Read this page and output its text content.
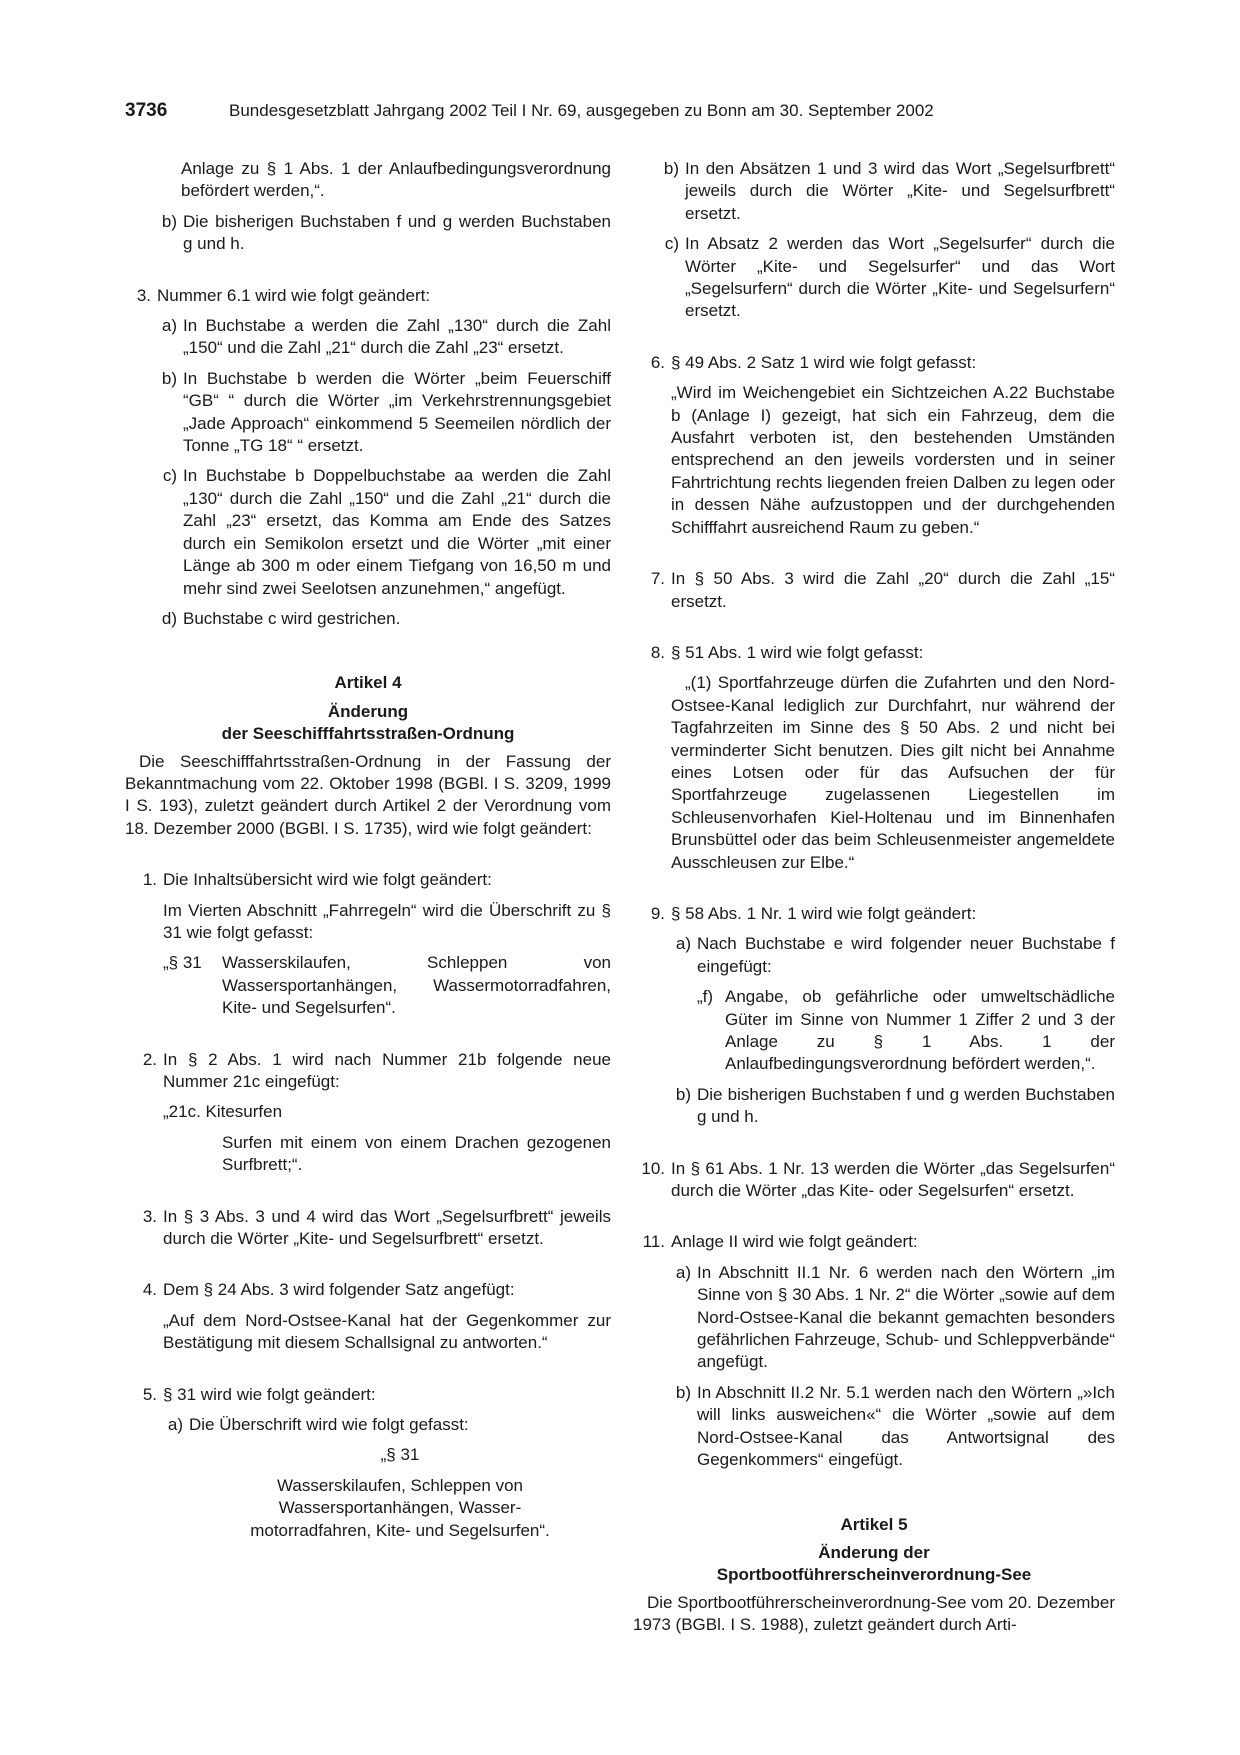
3736	Bundesgesetzblatt Jahrgang 2002 Teil I Nr. 69, ausgegeben zu Bonn am 30. September 2002

Anlage zu § 1 Abs. 1 der Anlaufbedingungsverordnung befördert werden,“.

b) Die bisherigen Buchstaben f und g werden Buchstaben g und h.
3. Nummer 6.1 wird wie folgt geändert:
a) In Buchstabe a werden die Zahl „130“ durch die Zahl „150“ und die Zahl „21“ durch die Zahl „23“ ersetzt.
b) In Buchstabe b werden die Wörter „beim Feuerschiff “GB“ “ durch die Wörter „im Verkehrstrennungsgebiet „Jade Approach“ einkommend 5 Seemeilen nördlich der Tonne „TG 18“ “ ersetzt.
c) In Buchstabe b Doppelbuchstabe aa werden die Zahl „130“ durch die Zahl „150“ und die Zahl „21“ durch die Zahl „23“ ersetzt, das Komma am Ende des Satzes durch ein Semikolon ersetzt und die Wörter „mit einer Länge ab 300 m oder einem Tiefgang von 16,50 m und mehr sind zwei Seelotsen anzunehmen,“ angefügt.
d) Buchstabe c wird gestrichen.
Artikel 4
Änderung
der Seeschifffahrtsstraßen-Ordnung

Die Seeschifffahrtsstraßen-Ordnung in der Fassung der Bekanntmachung vom 22. Oktober 1998 (BGBl. I S. 3209, 1999 I S. 193), zuletzt geändert durch Artikel 2 der Verordnung vom 18. Dezember 2000 (BGBl. I S. 1735), wird wie folgt geändert:

1. Die Inhaltsübersicht wird wie folgt geändert:

Im Vierten Abschnitt „Fahrregeln“ wird die Überschrift zu § 31 wie folgt gefasst:

„§ 31	Wasserskilaufen, Schleppen von Wassersportanhängen, Wassermotorradfahren, Kite- und Segelsurfen“.
2. In § 2 Abs. 1 wird nach Nummer 21b folgende neue Nummer 21c eingefügt:

„21c. Kitesurfen

Surfen mit einem von einem Drachen gezogenen Surfbrett;“.

3. In § 3 Abs. 3 und 4 wird das Wort „Segelsurfbrett“ jeweils durch die Wörter „Kite- und Segelsurfbrett“ ersetzt.
4. Dem § 24 Abs. 3 wird folgender Satz angefügt:

„Auf dem Nord-Ostsee-Kanal hat der Gegenkommer zur Bestätigung mit diesem Schallsignal zu antworten.“

5. § 31 wird wie folgt geändert:
a) Die Überschrift wird wie folgt gefasst:
„§ 31
Wasserskilaufen, Schleppen von
Wassersportanhängen, Wasser-
motorradfahren, Kite- und Segelsurfen“.
b) In den Absätzen 1 und 3 wird das Wort „Segelsurfbrett“ jeweils durch die Wörter „Kite- und Segelsurfbrett“ ersetzt.
c) In Absatz 2 werden das Wort „Segelsurfer“ durch die Wörter „Kite- und Segelsurfer“ und das Wort „Segelsurfern“ durch die Wörter „Kite- und Segelsurfern“ ersetzt.
6. § 49 Abs. 2 Satz 1 wird wie folgt gefasst:

„Wird im Weichengebiet ein Sichtzeichen A.22 Buchstabe b (Anlage I) gezeigt, hat sich ein Fahrzeug, dem die Ausfahrt verboten ist, den bestehenden Umständen entsprechend an den jeweils vordersten und in seiner Fahrtrichtung rechts liegenden freien Dalben zu legen oder in dessen Nähe aufzustoppen und der durchgehenden Schifffahrt ausreichend Raum zu geben.“

7. In § 50 Abs. 3 wird die Zahl „20“ durch die Zahl „15“ ersetzt.
8. § 51 Abs. 1 wird wie folgt gefasst:

„(1) Sportfahrzeuge dürfen die Zufahrten und den Nord-Ostsee-Kanal lediglich zur Durchfahrt, nur während der Tagfahrzeiten im Sinne des § 50 Abs. 2 und nicht bei verminderter Sicht benutzen. Dies gilt nicht bei Annahme eines Lotsen oder für das Aufsuchen der für Sportfahrzeuge zugelassenen Liegestellen im Schleusenvorhafen Kiel-Holtenau und im Binnenhafen Brunsbüttel oder das beim Schleusenmeister angemeldete Ausschleusen zur Elbe.“

9. § 58 Abs. 1 Nr. 1 wird wie folgt geändert:
a) Nach Buchstabe e wird folgender neuer Buchstabe f eingefügt:
„f) Angabe, ob gefährliche oder umweltschädliche Güter im Sinne von Nummer 1 Ziffer 2 und 3 der Anlage zu § 1 Abs. 1 der Anlaufbedingungsverordnung befördert werden,“.
b) Die bisherigen Buchstaben f und g werden Buchstaben g und h.
10. In § 61 Abs. 1 Nr. 13 werden die Wörter „das Segelsurfen“ durch die Wörter „das Kite- oder Segelsurfen“ ersetzt.
11. Anlage II wird wie folgt geändert:
a) In Abschnitt II.1 Nr. 6 werden nach den Wörtern „im Sinne von § 30 Abs. 1 Nr. 2“ die Wörter „sowie auf dem Nord-Ostsee-Kanal die bekannt gemachten besonders gefährlichen Fahrzeuge, Schub- und Schleppverbände“ angefügt.
b) In Abschnitt II.2 Nr. 5.1 werden nach den Wörtern „»Ich will links ausweichen«“ die Wörter „sowie auf dem Nord-Ostsee-Kanal das Antwortsignal des Gegenkommers“ eingefügt.
Artikel 5
Änderung der
Sportbootführerscheinverordnung-See

Die Sportbootführerscheinverordnung-See vom 20. Dezember 1973 (BGBl. I S. 1988), zuletzt geändert durch Arti-
